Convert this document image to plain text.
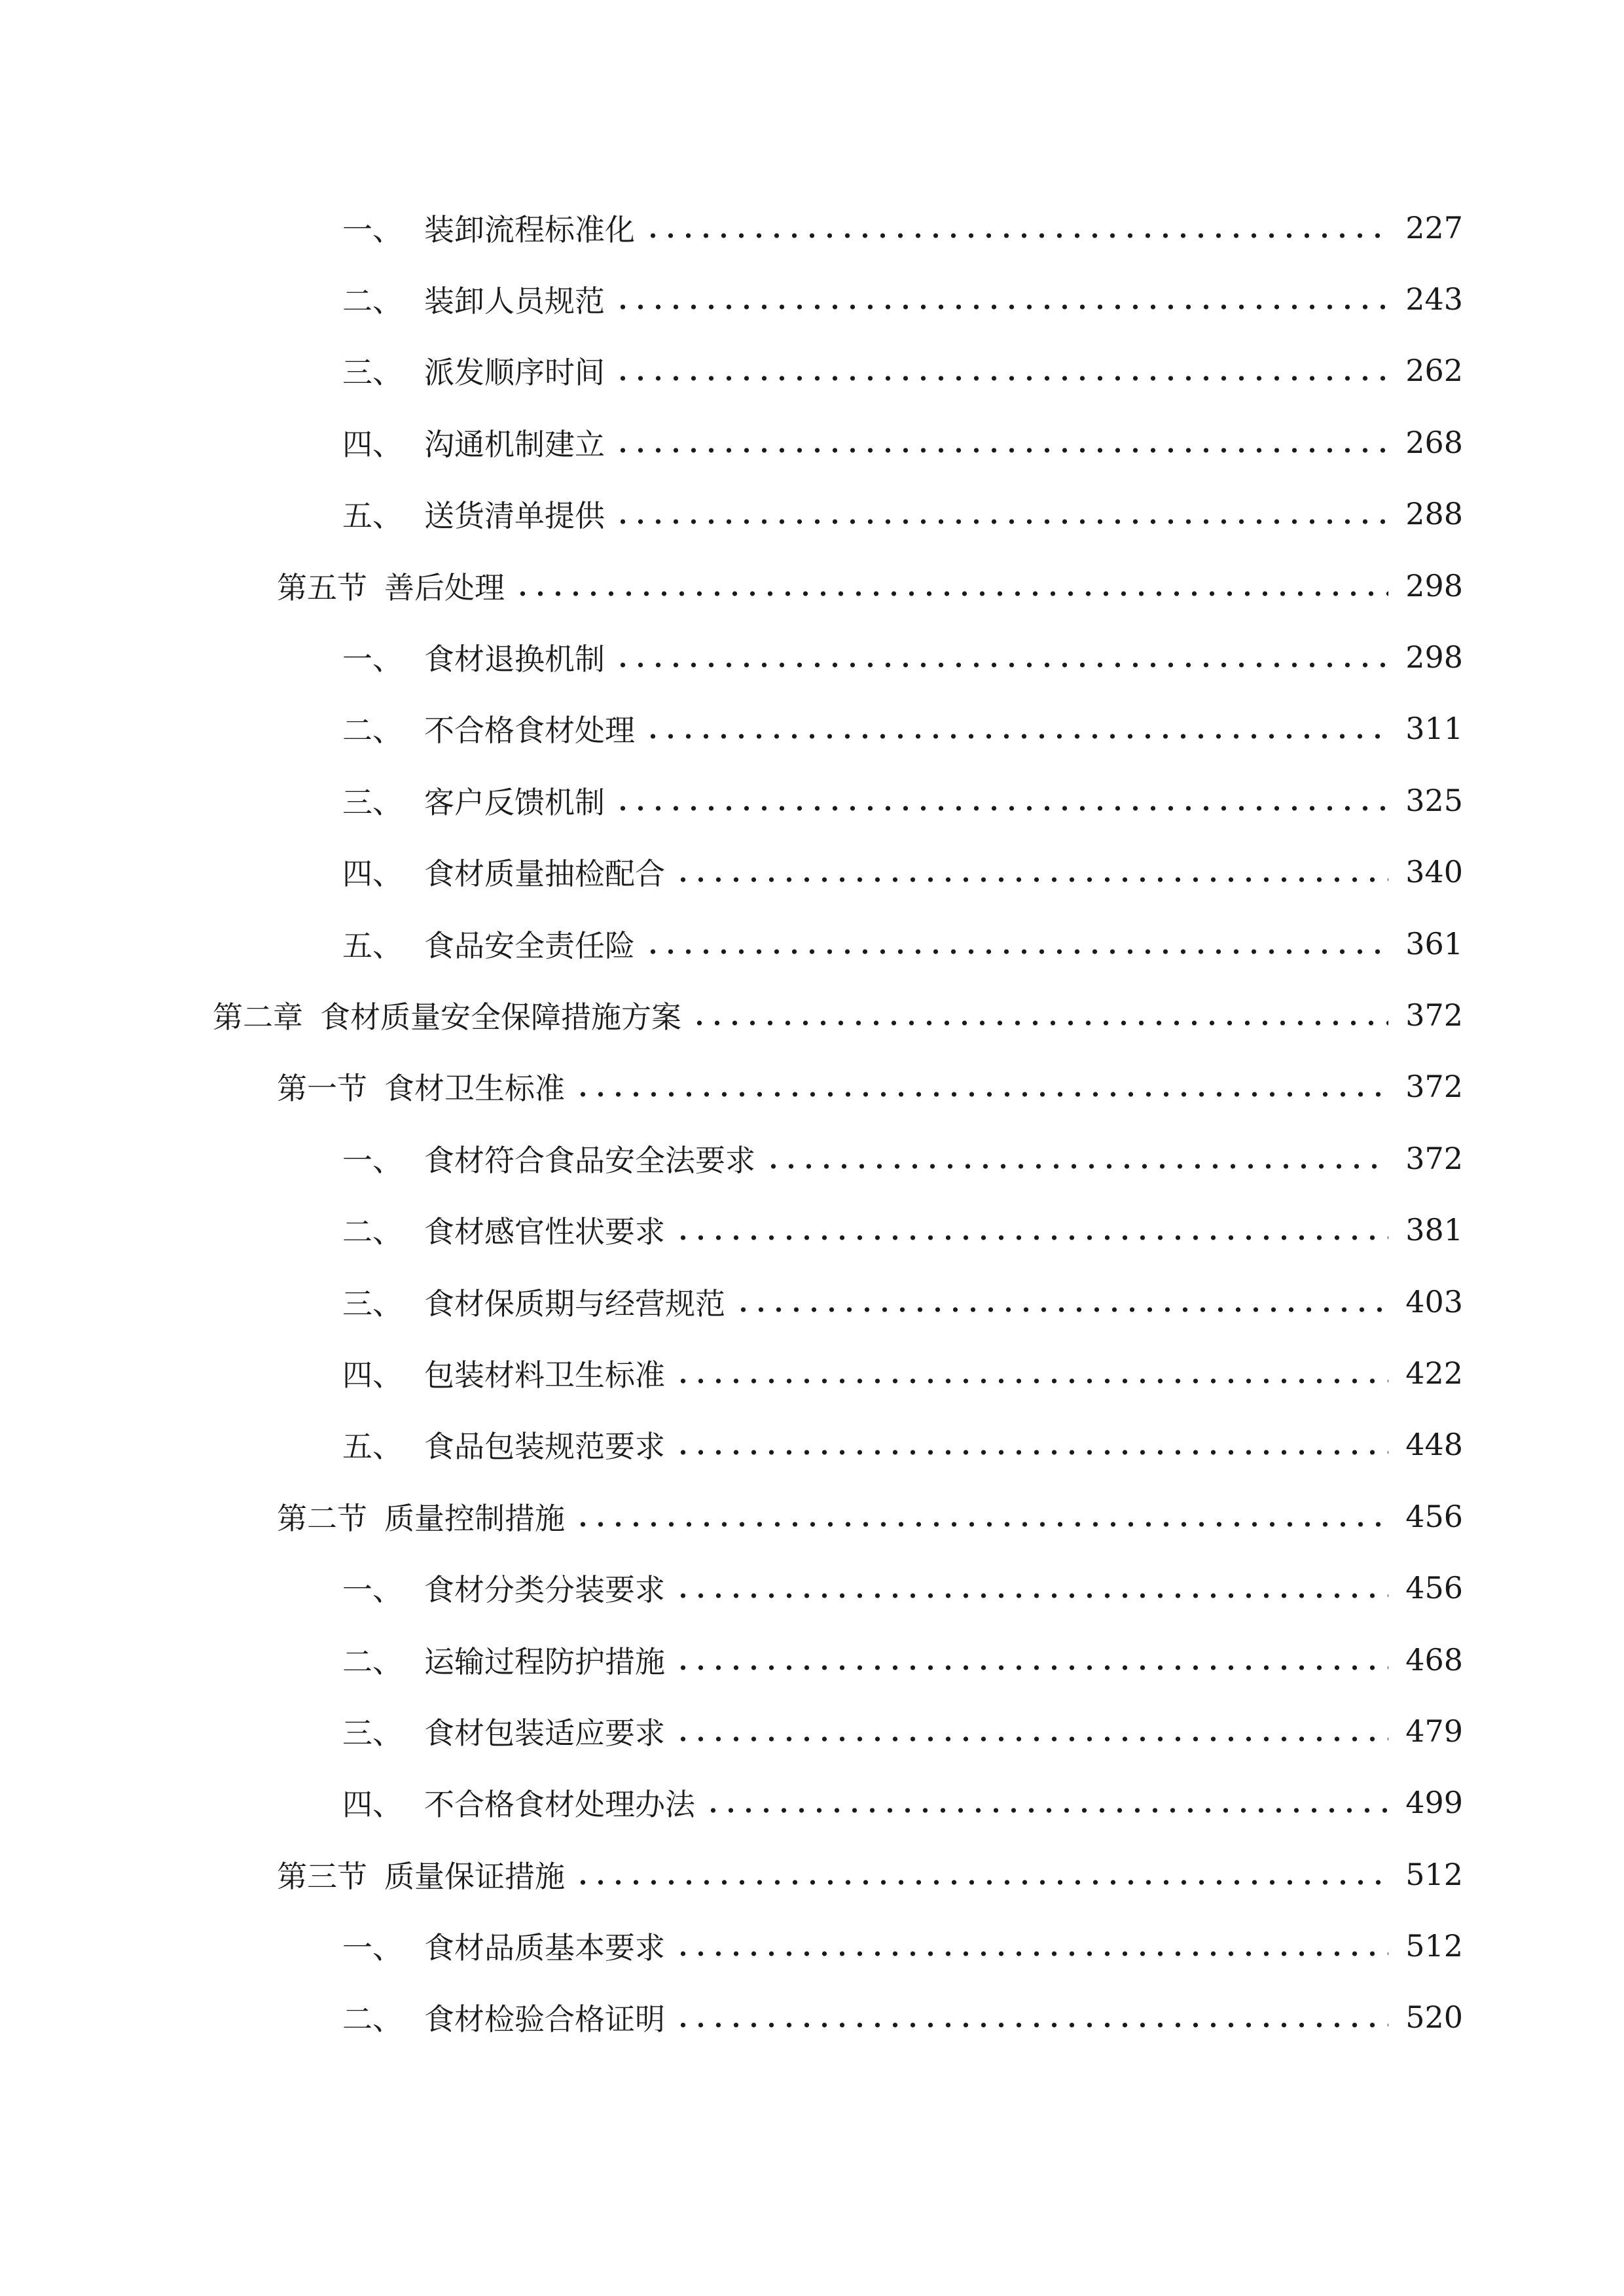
一、 装卸流程标准化	227
二、 装卸人员规范	243
三、 派发顺序时间	262
四、 沟通机制建立	268
五、 送货清单提供	288
第五节 善后处理	298
一、 食材退换机制	298
二、 不合格食材处理	311
三、 客户反馈机制	325
四、 食材质量抽检配合	340
五、 食品安全责任险	361
第二章 食材质量安全保障措施方案	372
第一节 食材卫生标准	372
一、 食材符合食品安全法要求	372
二、 食材感官性状要求	381
三、 食材保质期与经营规范	403
四、 包装材料卫生标准	422
五、 食品包装规范要求	448
第二节 质量控制措施	456
一、 食材分类分装要求	456
二、 运输过程防护措施	468
三、 食材包装适应要求	479
四、 不合格食材处理办法	499
第三节 质量保证措施	512
一、 食材品质基本要求	512
二、 食材检验合格证明	520
